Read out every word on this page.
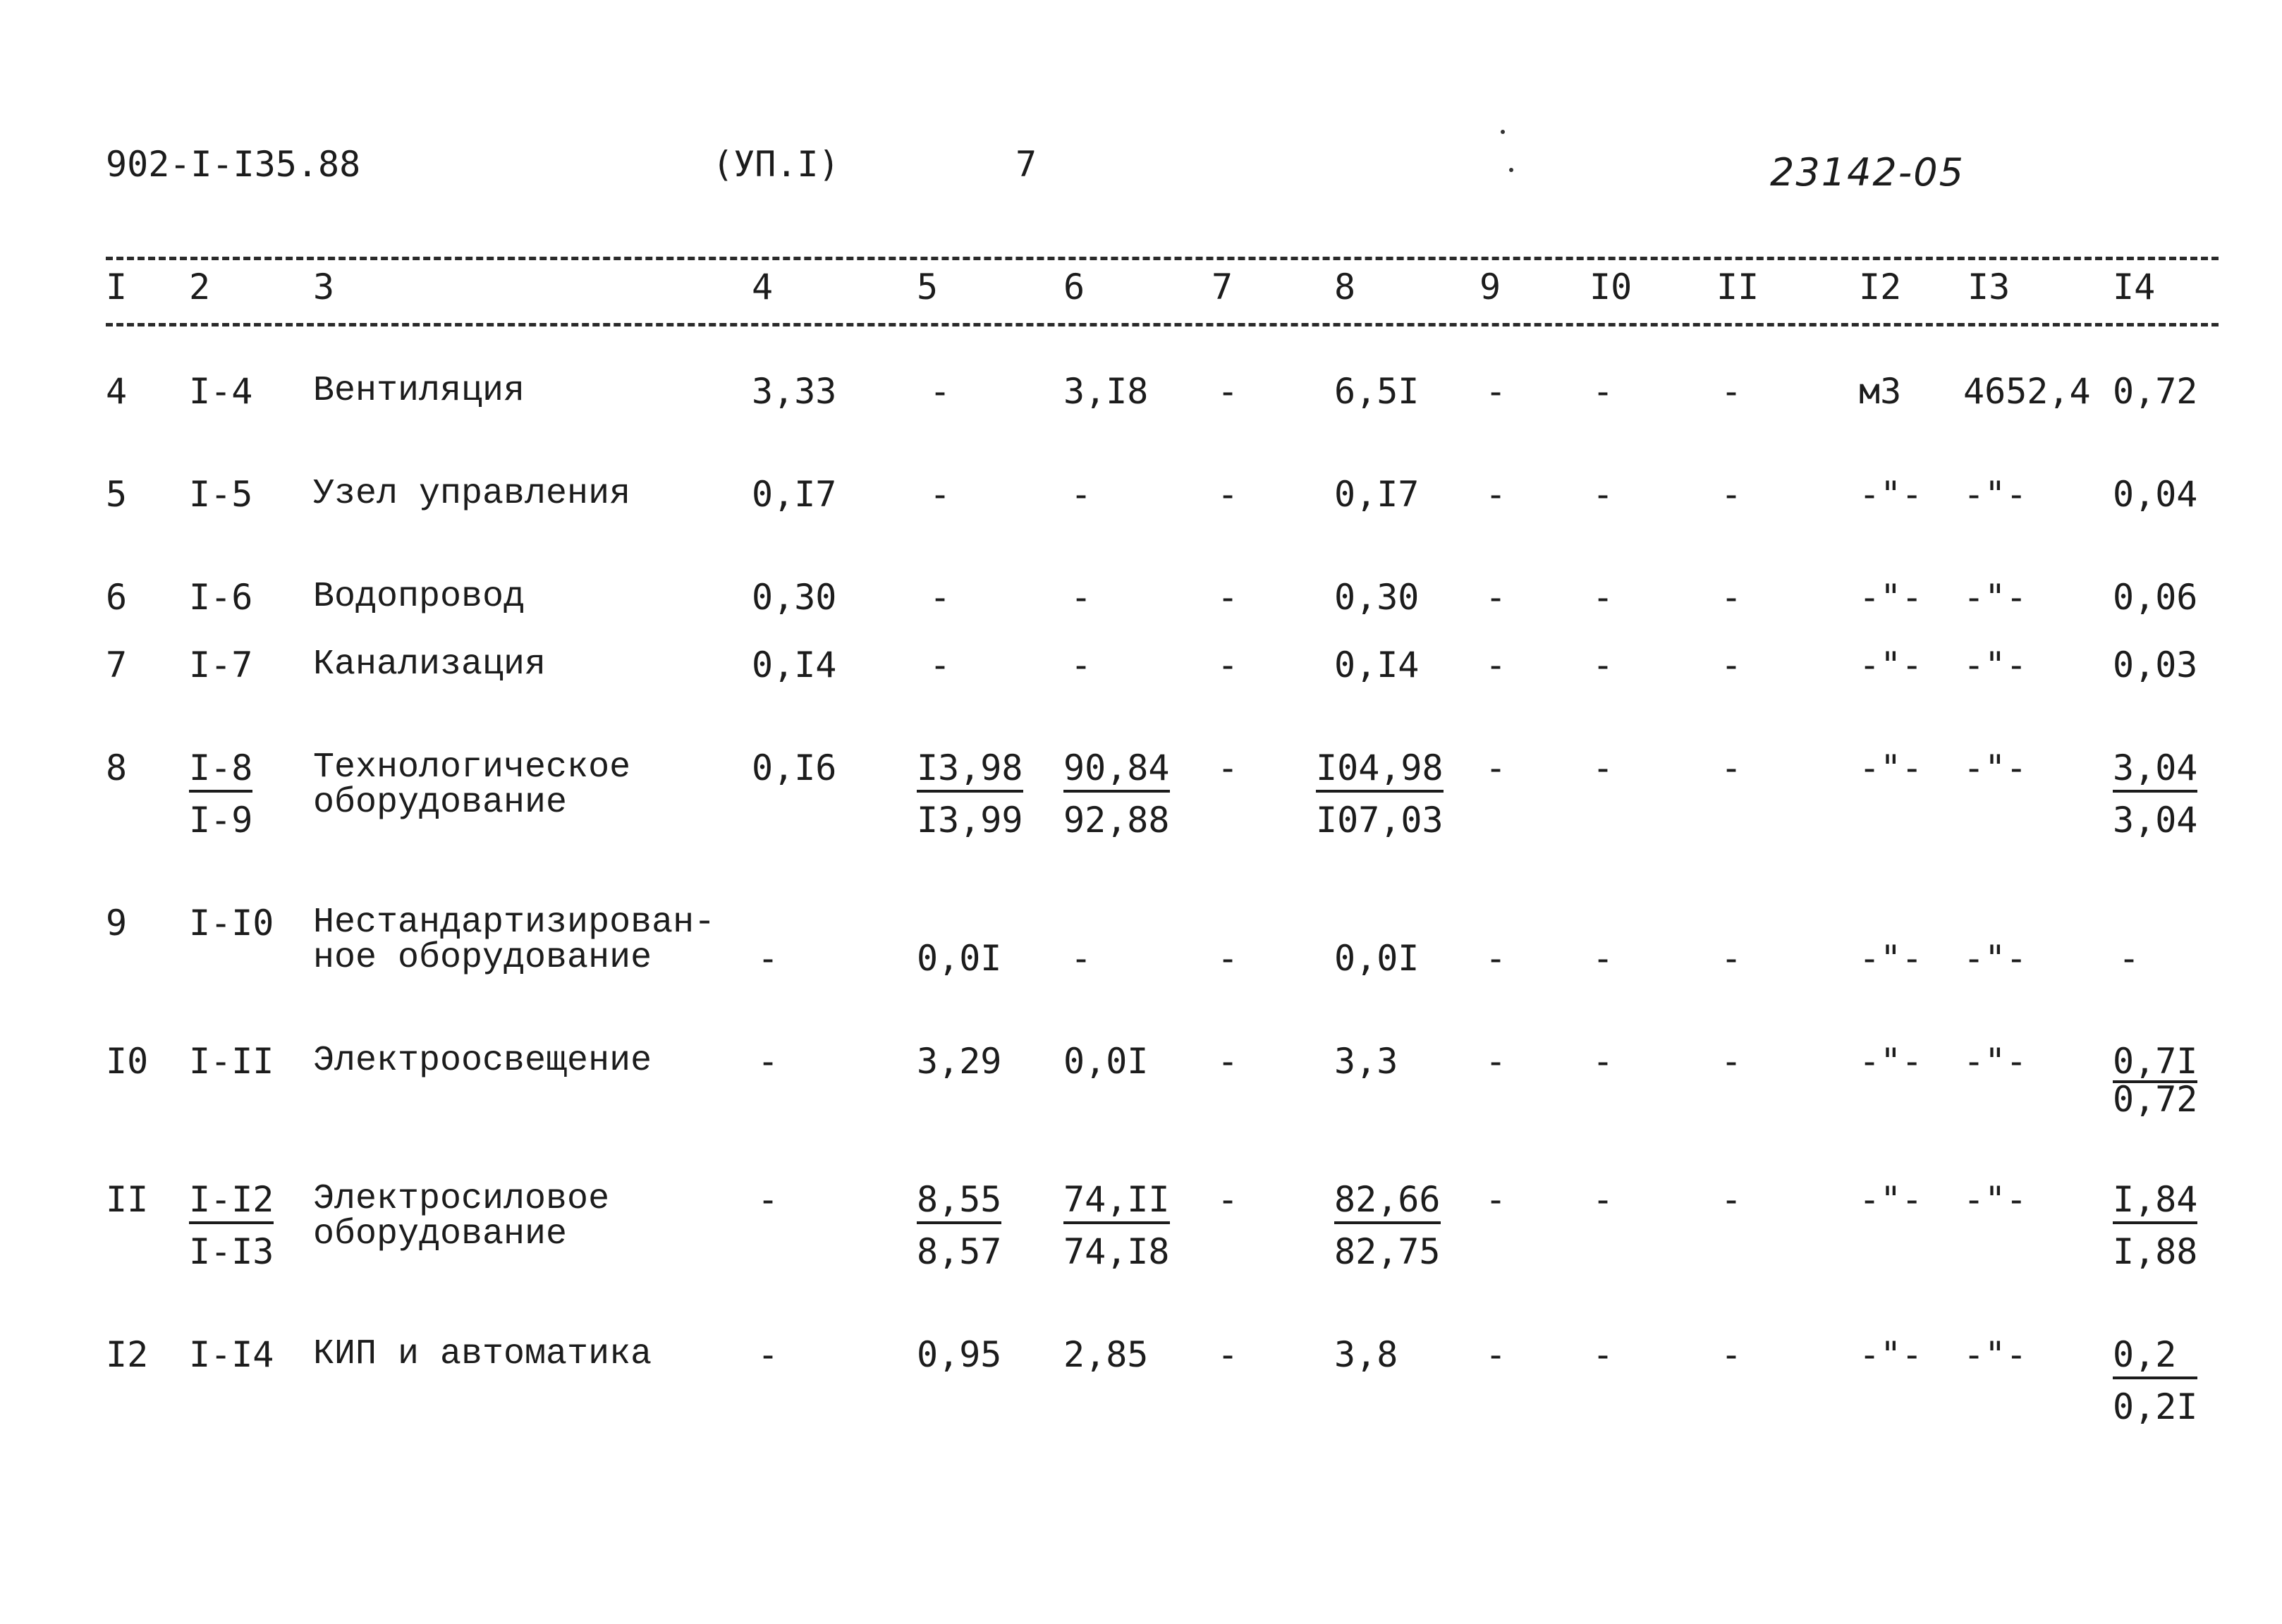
902-I-I35.88	(УП.I)	7	23142-05
I 2	3	4	5	6	7	8	9	I0 II	I2 I3	I4
4 I-4 Вентиляция	3,33	-	3,I8 -	6,5I - -	-	м3 4652,4 0,72
5 I-5 Узел управления	0,I7	-	-	-	0,I7 - -	-	-"- -"- 0,04
6 I-6 Водопровод	0,30	-	-	-	0,30 - -	-	-"- -"- 0,06
7 I-7 Канализация	0,I4	-	-	-	0,I4 - -	-	-"- -"- 0,03
$8 \frac{I-8}{I-9}$ Технологическое
оборудование
$0,I6 \frac{I3,98}{I3,99} \frac{90,84}{92,88} - \frac{I04,98}{I07,03}$ - -	-	-"- -"- $\frac{3,04}{3,04}$
9 I-I0 Нестандартизирован-
ное оборудование	-	0,0I -	-	0,0I - -	-	-"- -"-	-
I0 I-II Электроосвещение	-	3,29 0,0I -	3,3 - -	-	-"- -"- $\frac{0,7I}{0,72}$
II $\frac{I-I2}{I-I3}$ Электросиловое
оборудование
-	$\frac{8,55}{8,57} \frac{74,II}{74,I8}$ -	$\frac{82,66}{82,75}$ - -	-	-"- -"- $\frac{I,84}{I,88}$
I2 I-I4 КИП и автоматика	-	0,95 2,85 -	3,8 - -	-	-"- -"- $\frac{0,2}{0,2I}$
